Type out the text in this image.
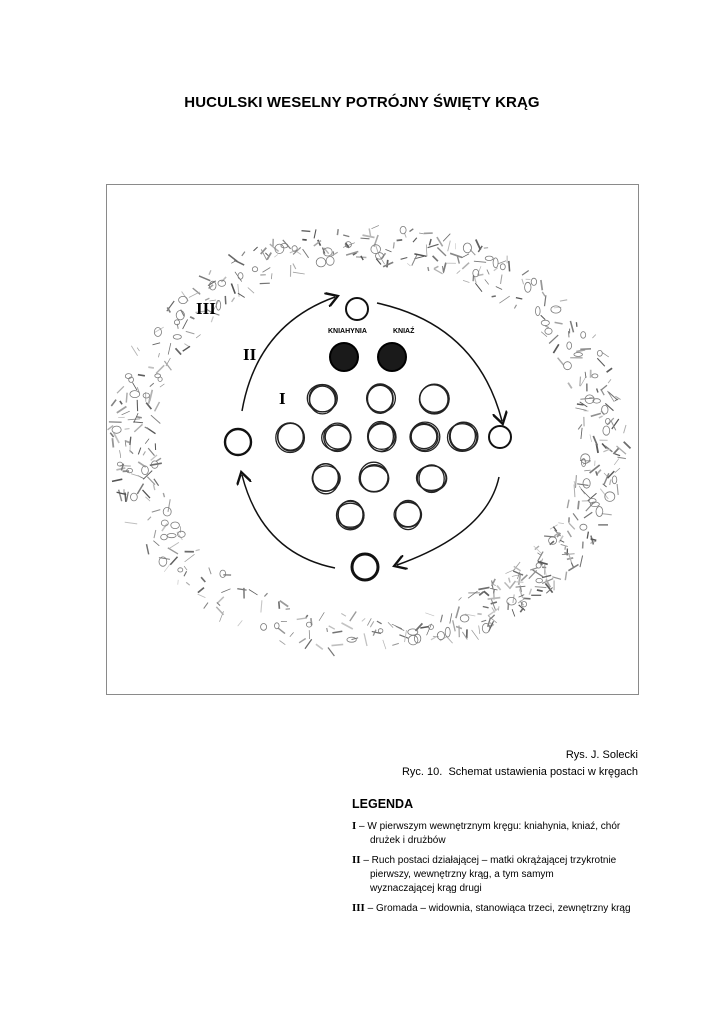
HUCULSKI WESELNY POTRÓJNY ŚWIĘTY KRĄG
III
II
I
KNIAHYNIA	KNIAŹ
Rys. J. Solecki
Ryc. 10.  Schemat ustawienia postaci w kręgach
LEGENDA
I – W pierwszym wewnętrznym kręgu: kniahynia, kniaź, chór
drużek i drużbów
II – Ruch postaci działającej – matki okrążającej trzykrotnie
pierwszy, wewnętrzny krąg, a tym samym wyznaczającej krąg drugi
III – Gromada – widownia, stanowiąca trzeci, zewnętrzny krąg
